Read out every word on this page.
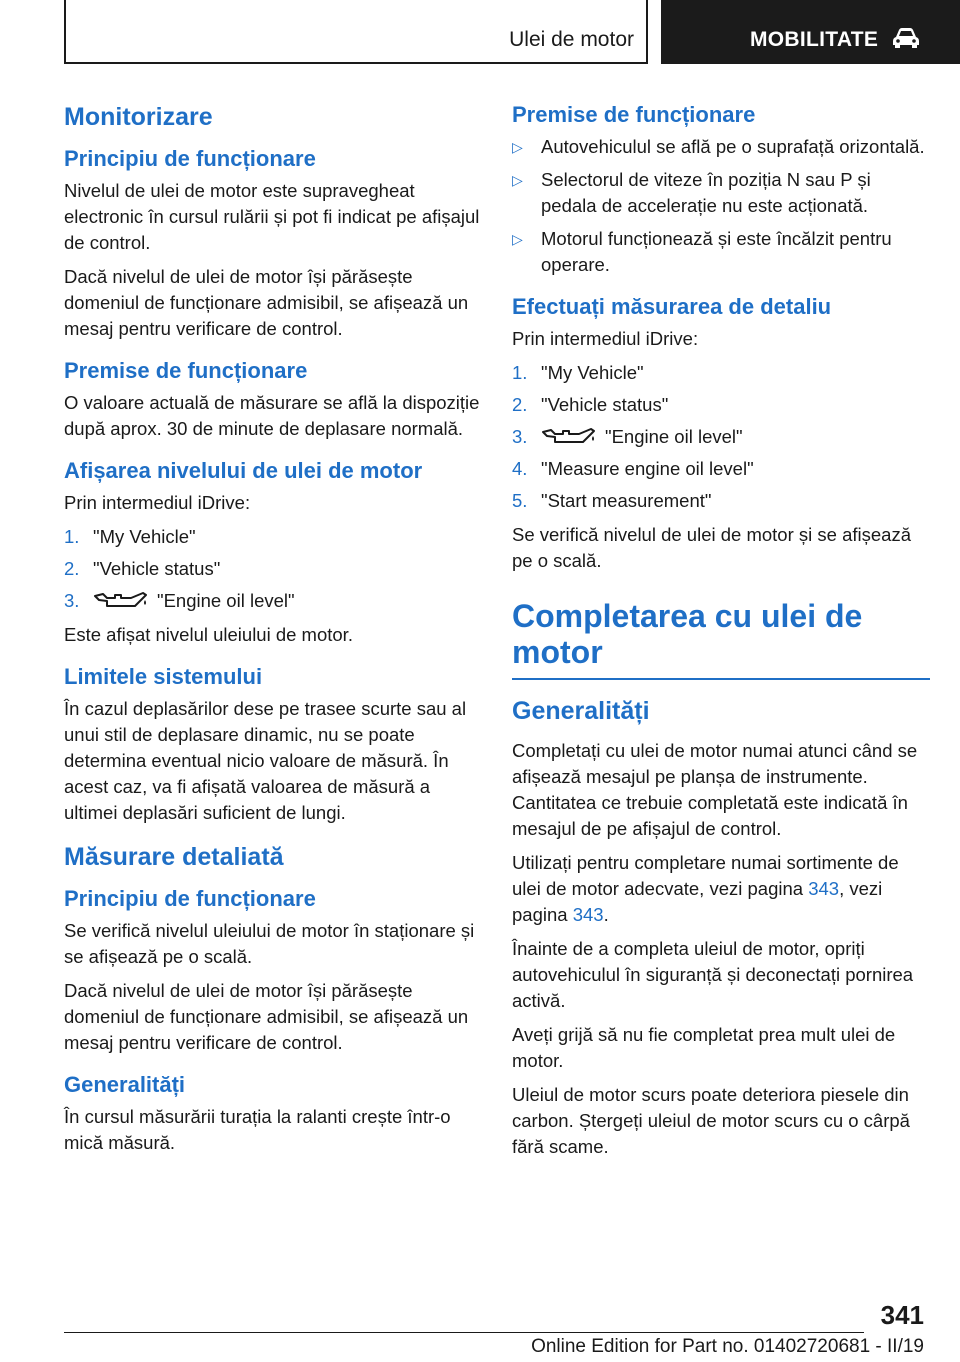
Ulei de motor	MOBILITATE
Monitorizare
Principiu de funcționare

Nivelul de ulei de motor este supravegheat electronic în cursul rulării și pot fi indicat pe afișajul de control.

Dacă nivelul de ulei de motor își părăsește domeniul de funcționare admisibil, se afișează un mesaj pentru verificare de control.

Premise de funcționare

O valoare actuală de măsurare se află la dispoziție după aprox. 30 de minute de deplasare normală.

Afișarea nivelului de ulei de motor

Prin intermediul iDrive:

1. "My Vehicle"
2. "Vehicle status"
3.	"Engine oil level"

Este afișat nivelul uleiului de motor.

Limitele sistemului

În cazul deplasărilor dese pe trasee scurte sau al unui stil de deplasare dinamic, nu se poate determina eventual nicio valoare de măsură. În acest caz, va fi afișată valoarea de măsură a ultimei deplasări suficient de lungi.

Măsurare detaliată
Principiu de funcționare

Se verifică nivelul uleiului de motor în staționare și se afișează pe o scală.

Dacă nivelul de ulei de motor își părăsește domeniul de funcționare admisibil, se afișează un mesaj pentru verificare de control.

Generalități

În cursul măsurării turația la ralanti crește într-o mică măsură.

Premise de funcționare
▷ Autovehiculul se află pe o suprafață orizontală.
▷ Selectorul de viteze în poziția N sau P și pedala de accelerație nu este acționată.
▷ Motorul funcționează și este încălzit pentru operare.
Efectuați măsurarea de detaliu

Prin intermediul iDrive:

1. "My Vehicle"
2. "Vehicle status"
3.	"Engine oil level"
4. "Measure engine oil level"
5. "Start measurement"

Se verifică nivelul de ulei de motor și se afișează pe o scală.

Completarea cu ulei de motor
Generalități

Completați cu ulei de motor numai atunci când se afișează mesajul pe planșa de instrumente. Cantitatea ce trebuie completată este indicată în mesajul de pe afișajul de control.

Utilizați pentru completare numai sortimente de ulei de motor adecvate, vezi pagina 343, vezi pagina 343.

Înainte de a completa uleiul de motor, opriți autovehiculul în siguranță și deconectați pornirea activă.

Aveți grijă să nu fie completat prea mult ulei de motor.

Uleiul de motor scurs poate deteriora piesele din carbon. Ștergeți uleiul de motor scurs cu o cârpă fără scame.

341
Online Edition for Part no. 01402720681 - II/19
